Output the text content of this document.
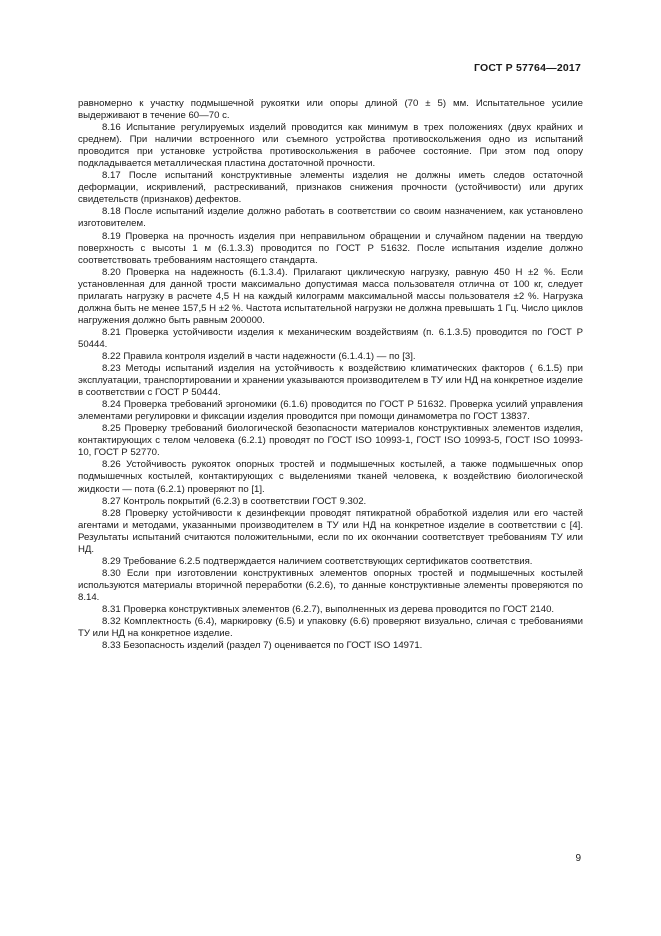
ГОСТ Р 57764—2017

равномерно к участку подмышечной рукоятки или опоры длиной (70 ± 5) мм. Испытательное усилие выдерживают в течение 60—70 с.

8.16 Испытание регулируемых изделий проводится как минимум в трех положениях (двух крайних и среднем). При наличии встроенного или съемного устройства противоскольжения одно из испытаний проводится при установке устройства противоскольжения в рабочее состояние. При этом под опору подкладывается металлическая пластина достаточной прочности.

8.17 После испытаний конструктивные элементы изделия не должны иметь следов остаточной деформации, искривлений, растрескиваний, признаков снижения прочности (устойчивости) или других свидетельств (признаков) дефектов.

8.18 После испытаний изделие должно работать в соответствии со своим назначением, как установлено изготовителем.

8.19 Проверка на прочность изделия при неправильном обращении и случайном падении на твердую поверхность с высоты 1 м (6.1.3.3) проводится по ГОСТ Р 51632. После испытания изделие должно соответствовать требованиям настоящего стандарта.

8.20 Проверка на надежность (6.1.3.4). Прилагают циклическую нагрузку, равную 450 Н ±2 %. Если установленная для данной трости максимально допустимая масса пользователя отлична от 100 кг, следует прилагать нагрузку в расчете 4,5 Н на каждый килограмм максимальной массы пользователя ±2 %. Нагрузка должна быть не менее 157,5 Н ±2 %. Частота испытательной нагрузки не должна превышать 1 Гц. Число циклов нагружения должно быть равным 200000.

8.21 Проверка устойчивости изделия к механическим воздействиям (п. 6.1.3.5) проводится по ГОСТ Р 50444.

8.22 Правила контроля изделий в части надежности (6.1.4.1) — по [3].

8.23 Методы испытаний изделия на устойчивость к воздействию климатических факторов ( 6.1.5) при эксплуатации, транспортировании и хранении указываются производителем в ТУ или НД на конкретное изделие в соответствии с ГОСТ Р 50444.

8.24 Проверка требований эргономики (6.1.6) проводится по ГОСТ Р 51632. Проверка усилий управления элементами регулировки и фиксации изделия проводится при помощи динамометра по ГОСТ 13837.

8.25 Проверку требований биологической безопасности материалов конструктивных элементов изделия, контактирующих с телом человека (6.2.1) проводят по ГОСТ ISO 10993-1, ГОСТ ISO 10993-5, ГОСТ ISO 10993-10, ГОСТ Р 52770.

8.26 Устойчивость рукояток опорных тростей и подмышечных костылей, а также подмышечных опор подмышечных костылей, контактирующих с выделениями тканей человека, к воздействию биологической жидкости — пота (6.2.1) проверяют по [1].

8.27 Контроль покрытий (6.2.3) в соответствии ГОСТ 9.302.

8.28 Проверку устойчивости к дезинфекции проводят пятикратной обработкой изделия или его частей агентами и методами, указанными производителем в ТУ или НД на конкретное изделие в соответствии с [4]. Результаты испытаний считаются положительными, если по их окончании соответствует требованиям ТУ или НД.

8.29 Требование 6.2.5 подтверждается наличием соответствующих сертификатов соответствия.

8.30 Если при изготовлении конструктивных элементов опорных тростей и подмышечных костылей используются материалы вторичной переработки (6.2.6), то данные конструктивные элементы проверяются по 8.14.

8.31 Проверка конструктивных элементов (6.2.7), выполненных из дерева проводится по ГОСТ 2140.

8.32 Комплектность (6.4), маркировку (6.5) и упаковку (6.6) проверяют визуально, сличая с требованиями ТУ или НД на конкретное изделие.

8.33 Безопасность изделий (раздел 7) оценивается по ГОСТ ISO 14971.

9
